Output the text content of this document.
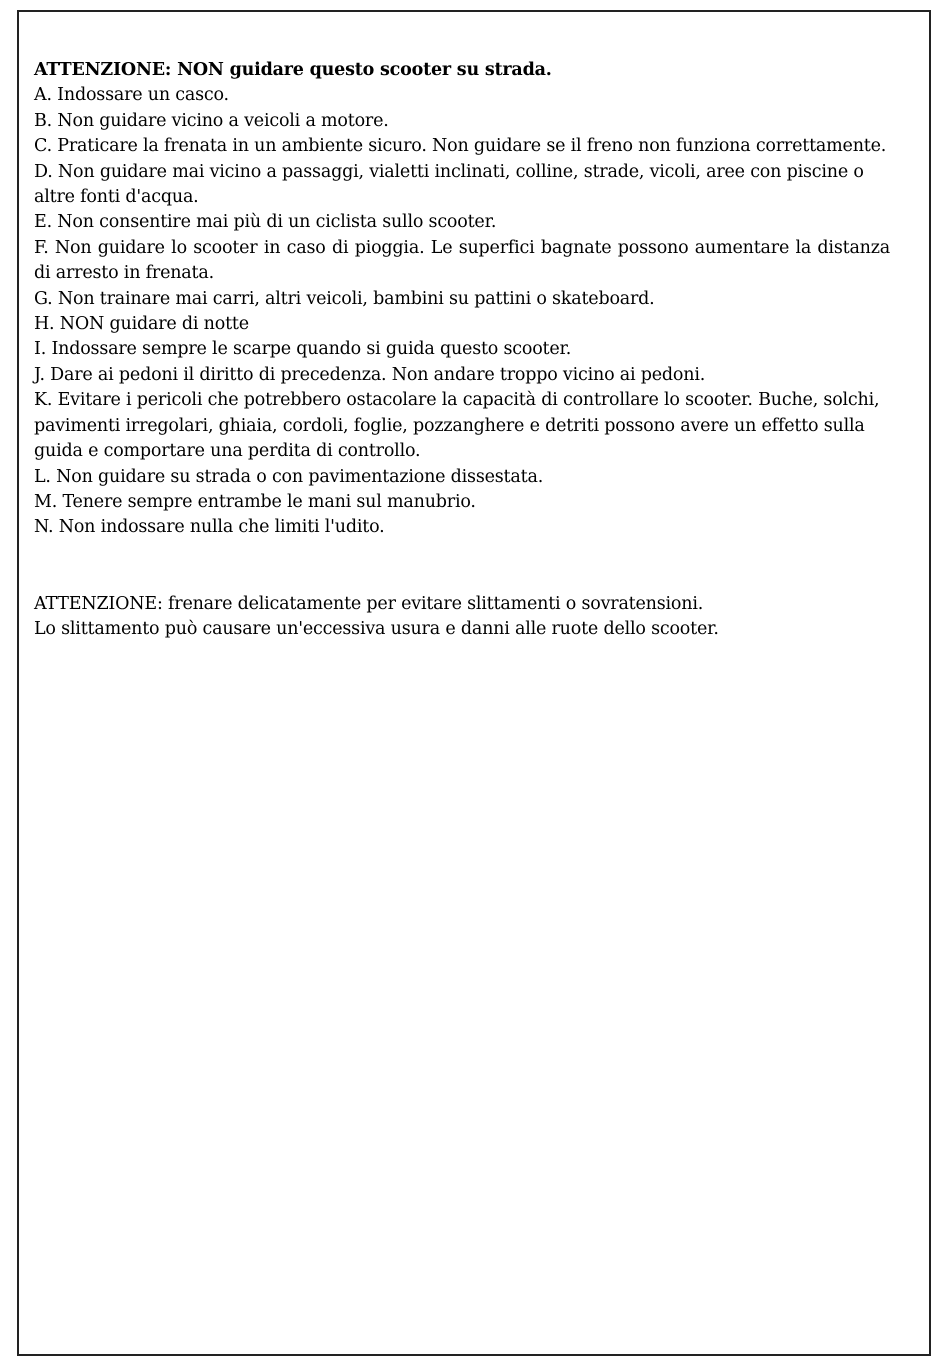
ATTENZIONE: NON guidare questo scooter su strada.

A. Indossare un casco.

B. Non guidare vicino a veicoli a motore.

C. Praticare la frenata in un ambiente sicuro. Non guidare se il freno non funziona correttamente.

D. Non guidare mai vicino a passaggi, vialetti inclinati, colline, strade, vicoli, aree con piscine o altre fonti d'acqua.

E. Non consentire mai più di un ciclista sullo scooter.

F. Non guidare lo scooter in caso di pioggia. Le superfici bagnate possono aumentare la distanza di arresto in frenata.

G. Non trainare mai carri, altri veicoli, bambini su pattini o skateboard.

H. NON guidare di notte

I. Indossare sempre le scarpe quando si guida questo scooter.

J. Dare ai pedoni il diritto di precedenza. Non andare troppo vicino ai pedoni.

K. Evitare i pericoli che potrebbero ostacolare la capacità di controllare lo scooter. Buche, solchi, pavimenti irregolari, ghiaia, cordoli, foglie, pozzanghere e detriti possono avere un effetto sulla guida e comportare una perdita di controllo.

L. Non guidare su strada o con pavimentazione dissestata.

M. Tenere sempre entrambe le mani sul manubrio.

N. Non indossare nulla che limiti l'udito.

ATTENZIONE: frenare delicatamente per evitare slittamenti o sovratensioni.

Lo slittamento può causare un'eccessiva usura e danni alle ruote dello scooter.
